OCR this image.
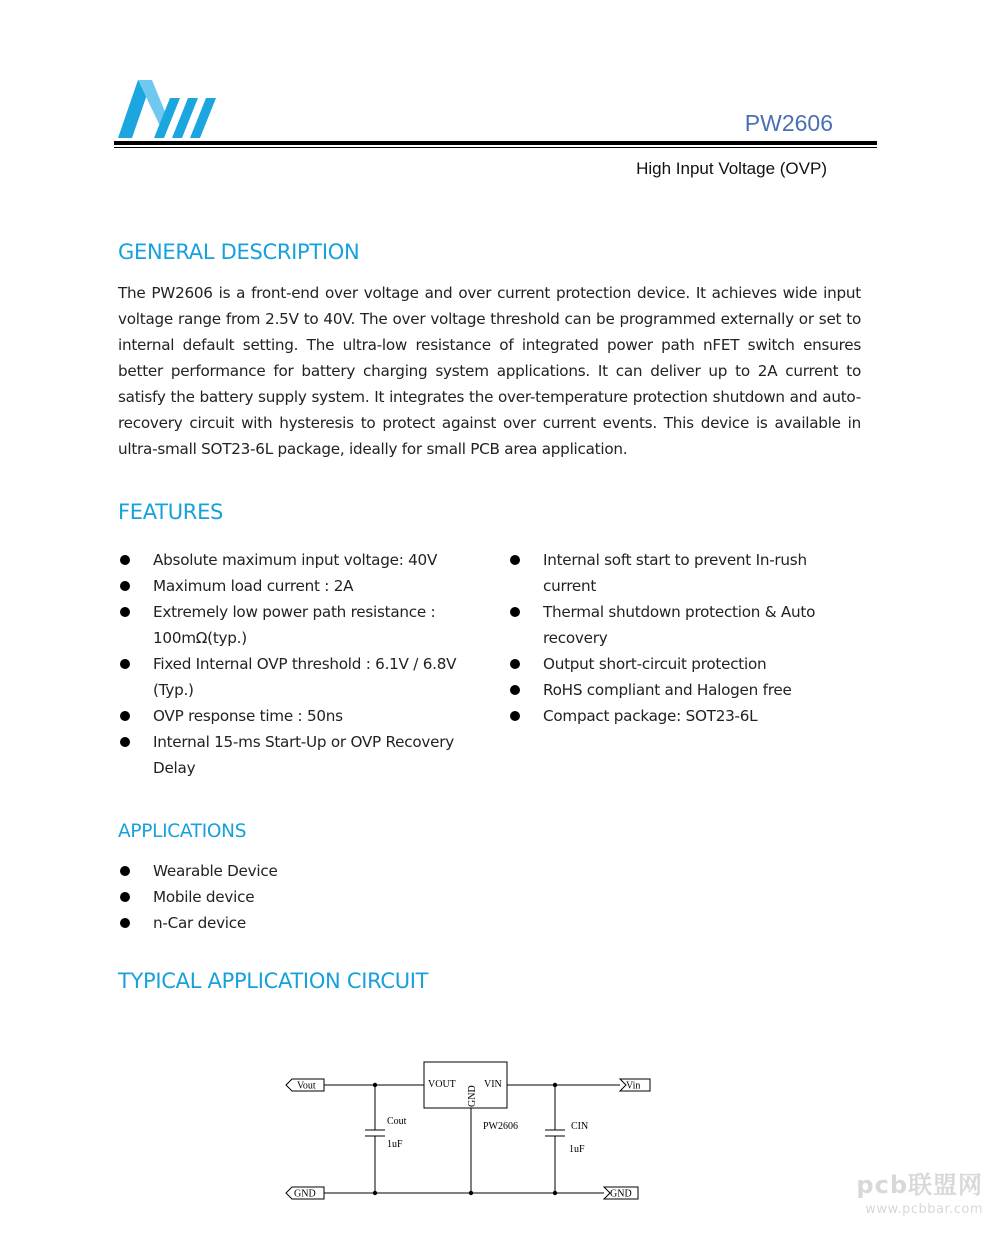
PW2606
High Input Voltage (OVP)
GENERAL DESCRIPTION
The PW2606 is a front-end over voltage and over current protection device. It achieves wide input voltage range from 2.5V to 40V. The over voltage threshold can be programmed externally or set to internal default setting. The ultra-low resistance of integrated power path nFET switch ensures better performance for battery charging system applications. It can deliver up to 2A current to satisfy the battery supply system. It integrates the over-temperature protection shutdown and auto-recovery circuit with hysteresis to protect against over current events. This device is available in ultra-small SOT23-6L package, ideally for small PCB area application.
FEATURES
Absolute maximum input voltage: 40V
Maximum load current : 2A
Extremely low power path resistance : 100mΩ(typ.)
Fixed Internal OVP threshold : 6.1V / 6.8V (Typ.)
OVP response time : 50ns
Internal 15-ms Start-Up or OVP Recovery Delay
Internal soft start to prevent In-rush current
Thermal shutdown protection & Auto recovery
Output short-circuit protection
RoHS compliant and Halogen free
Compact package: SOT23-6L
APPLICATIONS
Wearable Device
Mobile device
n-Car device
TYPICAL APPLICATION CIRCUIT
Vout	Vin
GND	GND
VOUT	VIN
GND
PW2606
Cout
1uF
CIN
1uF
pcb联盟网
www.pcbbar.com
